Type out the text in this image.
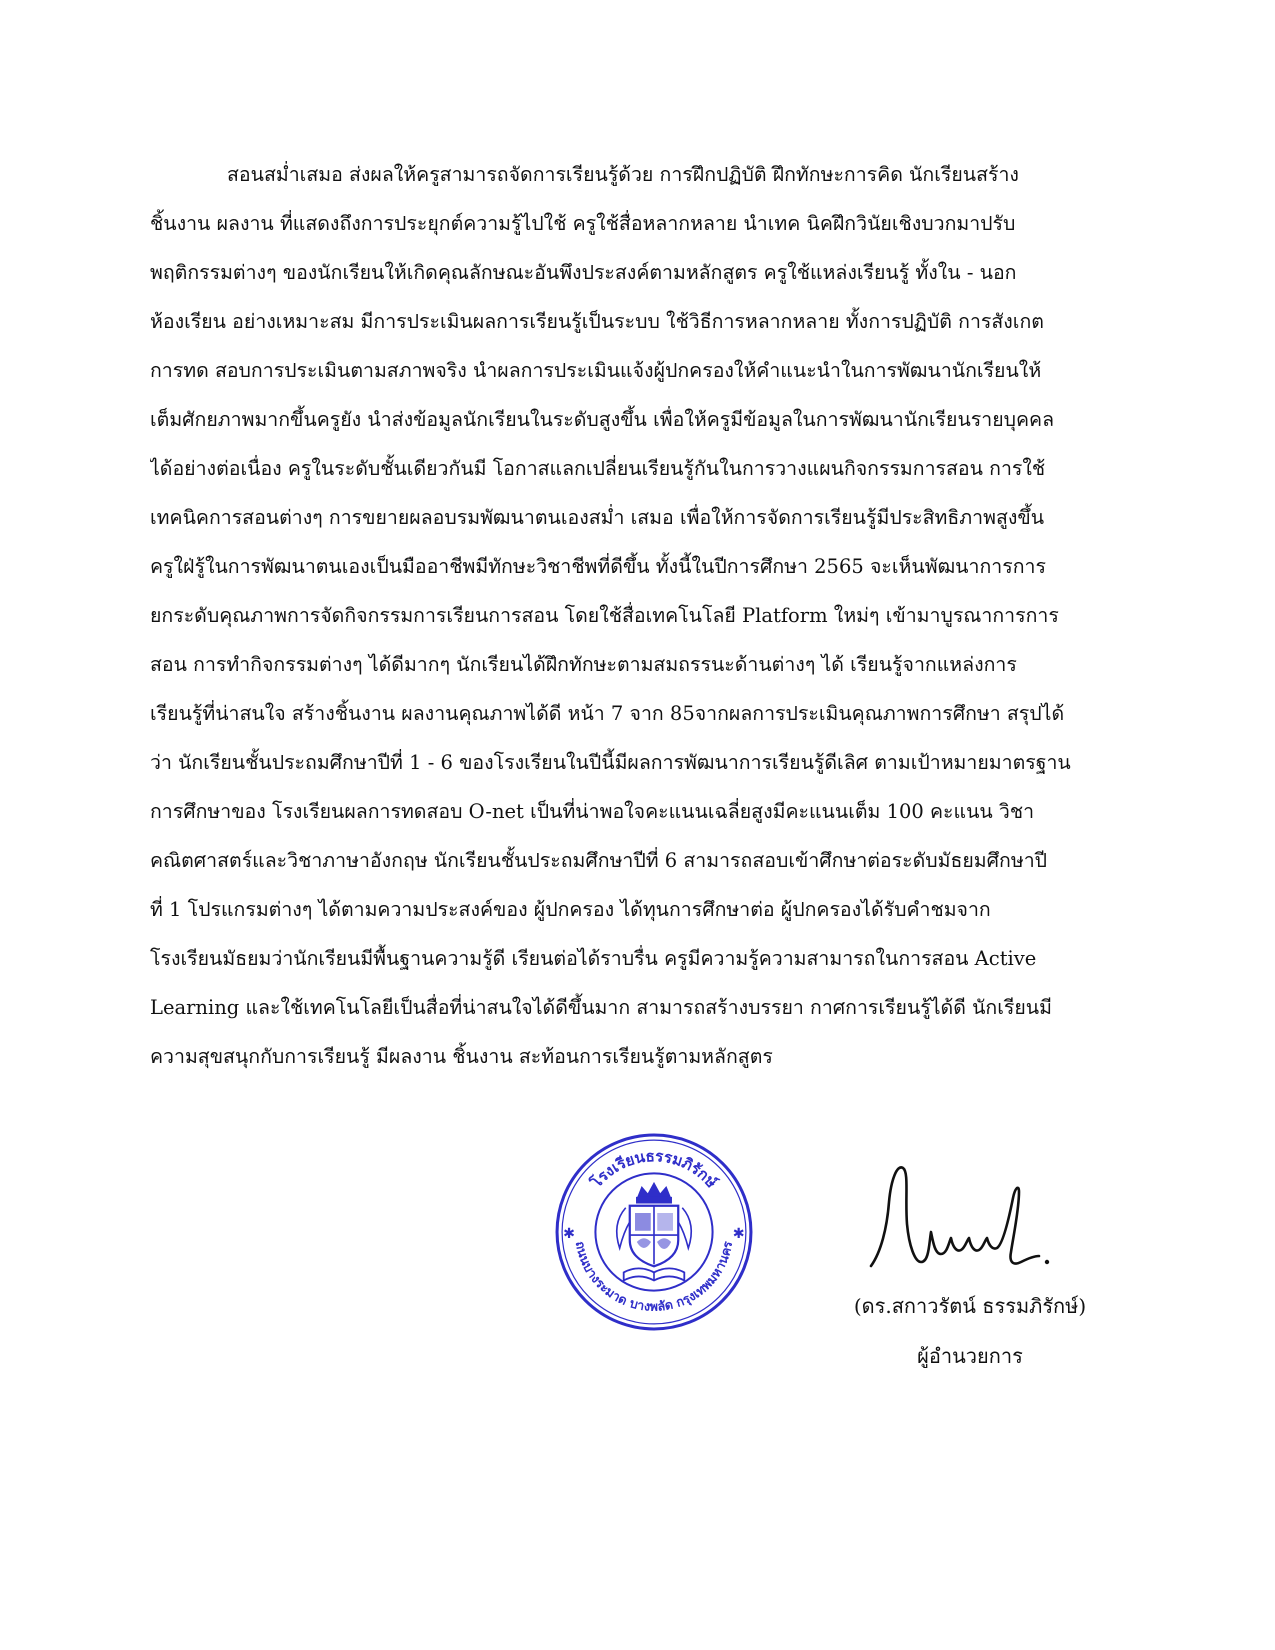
สอนสม่ำเสมอ ส่งผลให้ครูสามารถจัดการเรียนรู้ด้วย การฝึกปฏิบัติ ฝึกทักษะการคิด นักเรียนสร้าง
ชิ้นงาน ผลงาน ที่แสดงถึงการประยุกต์ความรู้ไปใช้ ครูใช้สื่อหลากหลาย นำเทค นิคฝึกวินัยเชิงบวกมาปรับ
พฤติกรรมต่างๆ ของนักเรียนให้เกิดคุณลักษณะอันพึงประสงค์ตามหลักสูตร ครูใช้แหล่งเรียนรู้ ทั้งใน - นอก
ห้องเรียน อย่างเหมาะสม มีการประเมินผลการเรียนรู้เป็นระบบ ใช้วิธีการหลากหลาย ทั้งการปฏิบัติ การสังเกต
การทด สอบการประเมินตามสภาพจริง นำผลการประเมินแจ้งผู้ปกครองให้คำแนะนำในการพัฒนานักเรียนให้
เต็มศักยภาพมากขึ้นครูยัง นำส่งข้อมูลนักเรียนในระดับสูงขึ้น เพื่อให้ครูมีข้อมูลในการพัฒนานักเรียนรายบุคคล
ได้อย่างต่อเนื่อง ครูในระดับชั้นเดียวกันมี โอกาสแลกเปลี่ยนเรียนรู้กันในการวางแผนกิจกรรมการสอน การใช้
เทคนิคการสอนต่างๆ การขยายผลอบรมพัฒนาตนเองสม่ำ เสมอ เพื่อให้การจัดการเรียนรู้มีประสิทธิภาพสูงขึ้น
ครูใฝ่รู้ในการพัฒนาตนเองเป็นมืออาชีพมีทักษะวิชาชีพที่ดีขึ้น ทั้งนี้ในปีการศึกษา 2565 จะเห็นพัฒนาการการ
ยกระดับคุณภาพการจัดกิจกรรมการเรียนการสอน โดยใช้สื่อเทคโนโลยี Platform ใหม่ๆ เข้ามาบูรณาการการ
สอน การทำกิจกรรมต่างๆ ได้ดีมากๆ นักเรียนได้ฝึกทักษะตามสมถรรนะด้านต่างๆ ได้ เรียนรู้จากแหล่งการ
เรียนรู้ที่น่าสนใจ สร้างชิ้นงาน ผลงานคุณภาพได้ดี หน้า 7 จาก 85จากผลการประเมินคุณภาพการศึกษา สรุปได้
ว่า นักเรียนชั้นประถมศึกษาปีที่ 1 - 6 ของโรงเรียนในปีนี้มีผลการพัฒนาการเรียนรู้ดีเลิศ ตามเป้าหมายมาตรฐาน
การศึกษาของ โรงเรียนผลการทดสอบ O-net เป็นที่น่าพอใจคะแนนเฉลี่ยสูงมีคะแนนเต็ม 100 คะแนน วิชา
คณิตศาสตร์และวิชาภาษาอังกฤษ นักเรียนชั้นประถมศึกษาปีที่ 6 สามารถสอบเข้าศึกษาต่อระดับมัธยมศึกษาปี
ที่ 1 โปรแกรมต่างๆ ได้ตามความประสงค์ของ ผู้ปกครอง ได้ทุนการศึกษาต่อ ผู้ปกครองได้รับคำชมจาก
โรงเรียนมัธยมว่านักเรียนมีพื้นฐานความรู้ดี เรียนต่อได้ราบรื่น ครูมีความรู้ความสามารถในการสอน Active
Learning และใช้เทคโนโลยีเป็นสื่อที่น่าสนใจได้ดีขึ้นมาก สามารถสร้างบรรยา กาศการเรียนรู้ได้ดี นักเรียนมี
ความสุขสนุกกับการเรียนรู้ มีผลงาน ชิ้นงาน สะท้อนการเรียนรู้ตามหลักสูตร
โรงเรียนธรรมภิรักษ์
ถนนบางระมาด บางพลัด กรุงเทพมหานคร
✱	✱
(ดร.สกาวรัตน์ ธรรมภิรักษ์)
ผู้อำนวยการ
